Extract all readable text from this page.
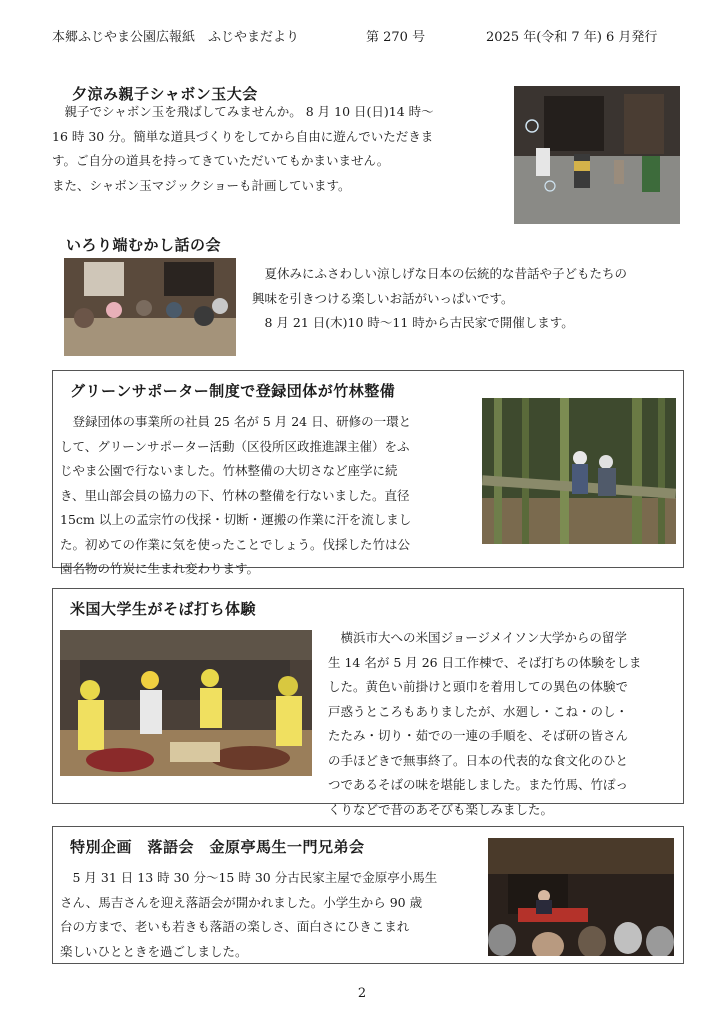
本郷ふじやま公園広報紙　ふじやまだより	第 270 号	2025 年(令和 7 年) 6 月発行
夕涼み親子シャボン玉大会

　親子でシャボン玉を飛ばしてみませんか。 8 月 10 日(日)14 時～

16 時 30 分。簡単な道具づくりをしてから自由に遊んでいただきま

す。ご自分の道具を持ってきていただいてもかまいません。

また、シャボン玉マジックショーも計画しています。

いろり端むかし話の会

　夏休みにふさわしい涼しげな日本の伝統的な昔話や子どもたちの

興味を引きつける楽しいお話がいっぱいです。

　8 月 21 日(木)10 時～11 時から古民家で開催します。

グリーンサポーター制度で登録団体が竹林整備

　登録団体の事業所の社員 25 名が 5 月 24 日、研修の一環と

して、グリーンサポーター活動（区役所区政推進課主催）をふ

じやま公園で行ないました。竹林整備の大切さなど座学に続

き、里山部会員の協力の下、竹林の整備を行ないました。直径

15cm 以上の孟宗竹の伐採・切断・運搬の作業に汗を流しまし

た。初めての作業に気を使ったことでしょう。伐採した竹は公

園名物の竹炭に生まれ変わります。

米国大学生がそば打ち体験

　横浜市大への米国ジョージメイソン大学からの留学

生 14 名が 5 月 26 日工作棟で、そば打ちの体験をしま

した。黄色い前掛けと頭巾を着用しての異色の体験で

戸惑うところもありましたが、水廻し・こね・のし・

たたみ・切り・茹での一連の手順を、そば研の皆さん

の手ほどきで無事終了。日本の代表的な食文化のひと

つであるそばの味を堪能しました。また竹馬、竹ぽっ

くりなどで昔のあそびも楽しみました。

特別企画　落語会　金原亭馬生一門兄弟会

　5 月 31 日 13 時 30 分～15 時 30 分古民家主屋で金原亭小馬生

さん、馬吉さんを迎え落語会が開かれました。小学生から 90 歳

台の方まで、老いも若きも落語の楽しさ、面白さにひきこまれ

楽しいひとときを過ごしました。

2
